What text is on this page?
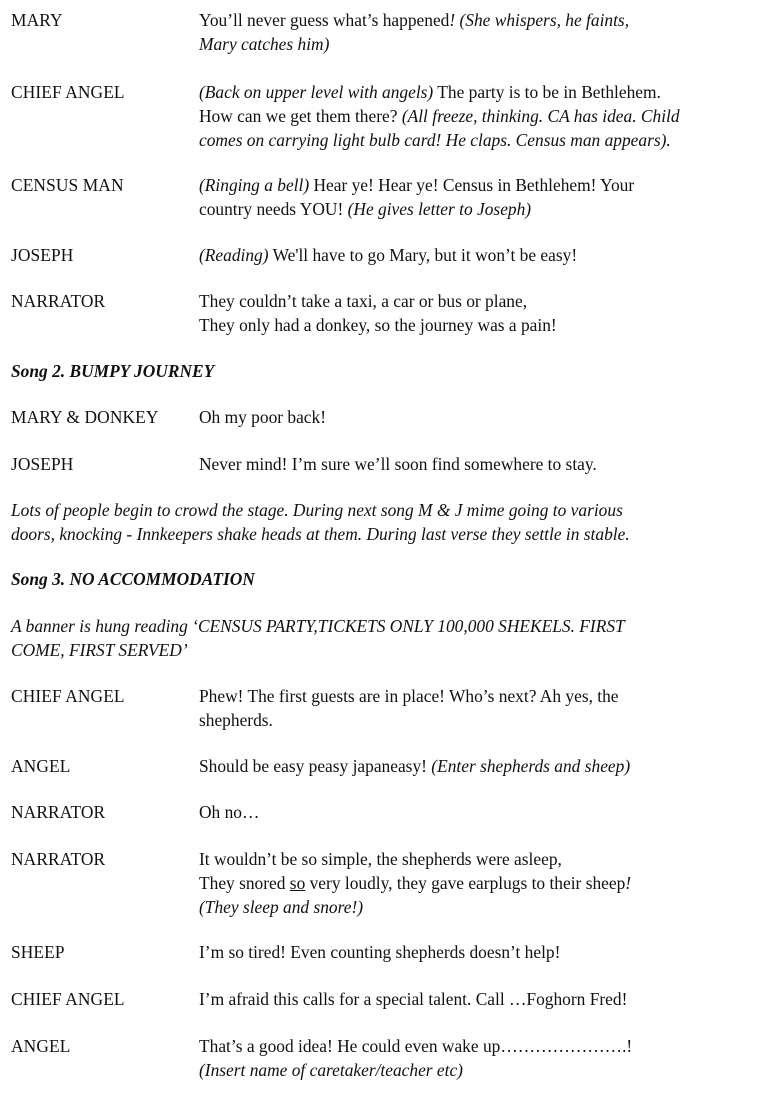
MARY	You’ll never guess what’s happened! (She whispers, he faints,

Mary catches him)

CHIEF ANGEL	(Back on upper level with angels) The party is to be in Bethlehem.

How can we get them there? (All freeze, thinking. CA has idea. Child

comes on carrying light bulb card! He claps. Census man appears).

CENSUS MAN	(Ringing a bell) Hear ye! Hear ye! Census in Bethlehem! Your

country needs YOU! (He gives letter to Joseph)

JOSEPH	(Reading) We'll have to go Mary, but it won’t be easy!

NARRATOR	They couldn’t take a taxi, a car or bus or plane,

They only had a donkey, so the journey was a pain!

Song 2. BUMPY JOURNEY
MARY & DONKEY	Oh my poor back!

JOSEPH	Never mind! I’m sure we’ll soon find somewhere to stay.

Lots of people begin to crowd the stage. During next song M & J mime going to various

doors, knocking - Innkeepers shake heads at them. During last verse they settle in stable.

Song 3. NO ACCOMMODATION

A banner is hung reading ‘CENSUS PARTY,TICKETS ONLY 100,000 SHEKELS. FIRST

COME, FIRST SERVED’

CHIEF ANGEL	Phew! The first guests are in place! Who’s next? Ah yes, the

shepherds.

ANGEL	Should be easy peasy japaneasy! (Enter shepherds and sheep)

NARRATOR	Oh no…

NARRATOR	It wouldn’t be so simple, the shepherds were asleep,

They snored so very loudly, they gave earplugs to their sheep!

(They sleep and snore!)

SHEEP	I’m so tired! Even counting shepherds doesn’t help!

CHIEF ANGEL	I’m afraid this calls for a special talent. Call …Foghorn Fred!

ANGEL	That’s a good idea! He could even wake up………………….!

(Insert name of caretaker/teacher etc)
